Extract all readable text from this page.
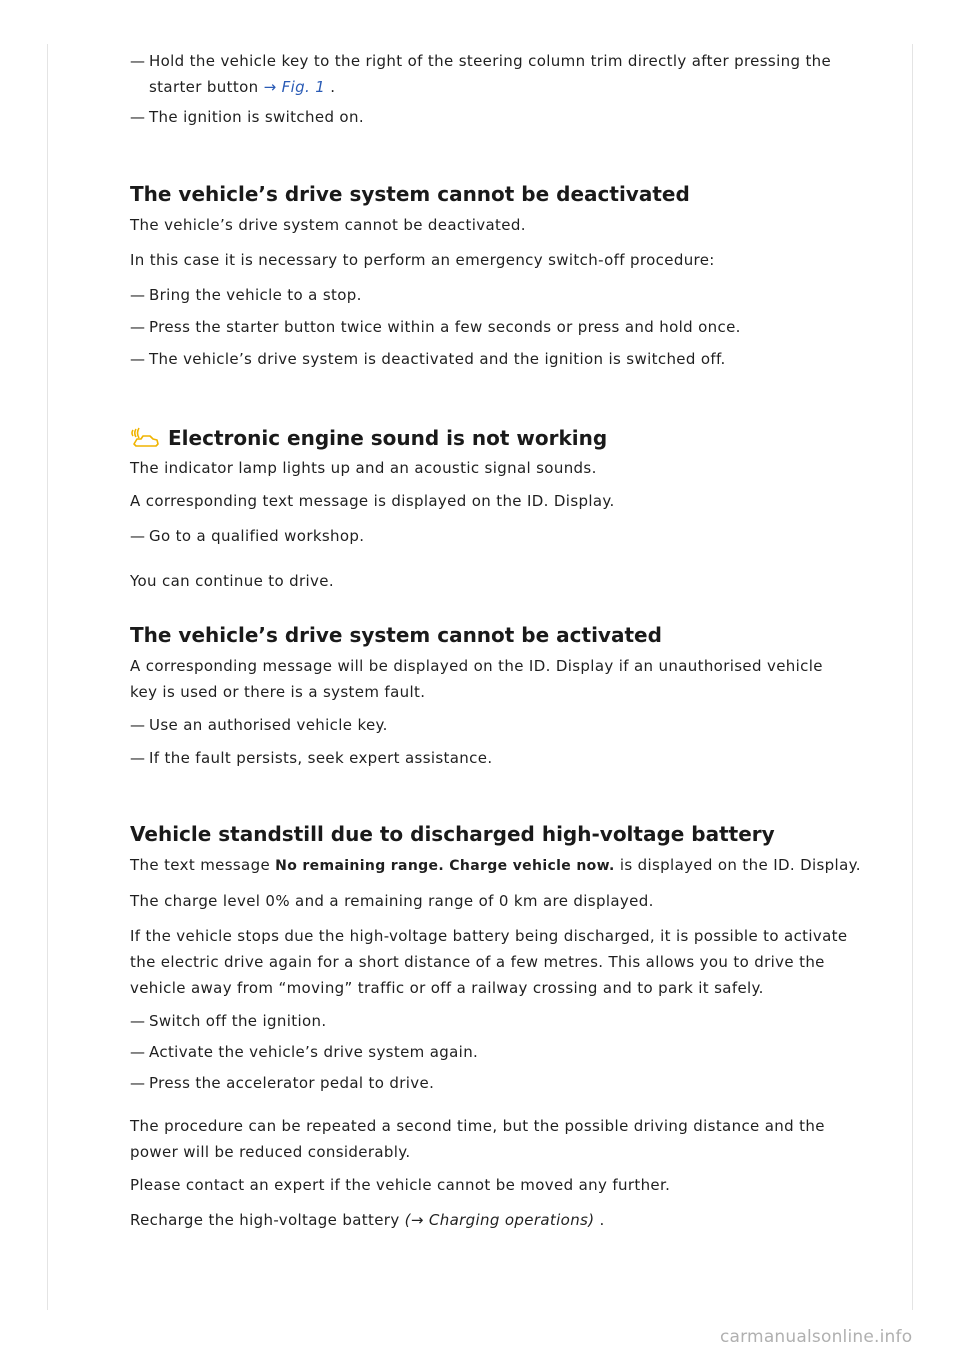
— Hold the vehicle key to the right of the steering column trim directly after pressing the starter button → Fig. 1 .

— The ignition is switched on.

The vehicle’s drive system cannot be deactivated

The vehicle’s drive system cannot be deactivated.

In this case it is necessary to perform an emergency switch-off procedure:

— Bring the vehicle to a stop.

— Press the starter button twice within a few seconds or press and hold once.

— The vehicle’s drive system is deactivated and the ignition is switched off.

Electronic engine sound is not working

The indicator lamp lights up and an acoustic signal sounds.

A corresponding text message is displayed on the ID. Display.

— Go to a qualified workshop.

You can continue to drive.

The vehicle’s drive system cannot be activated

A corresponding message will be displayed on the ID. Display if an unauthorised vehicle key is used or there is a system fault.

— Use an authorised vehicle key.

— If the fault persists, seek expert assistance.

Vehicle standstill due to discharged high-voltage battery

The text message No remaining range. Charge vehicle now. is displayed on the ID. Display.

The charge level 0% and a remaining range of 0 km are displayed.

If the vehicle stops due the high-voltage battery being discharged, it is possible to activate the electric drive again for a short distance of a few metres. This allows you to drive the vehicle away from “moving” traffic or off a railway crossing and to park it safely.

— Switch off the ignition.

— Activate the vehicle’s drive system again.

— Press the accelerator pedal to drive.

The procedure can be repeated a second time, but the possible driving distance and the power will be reduced considerably.

Please contact an expert if the vehicle cannot be moved any further.

Recharge the high-voltage battery (→ Charging operations) .

carmanualsonline.info
